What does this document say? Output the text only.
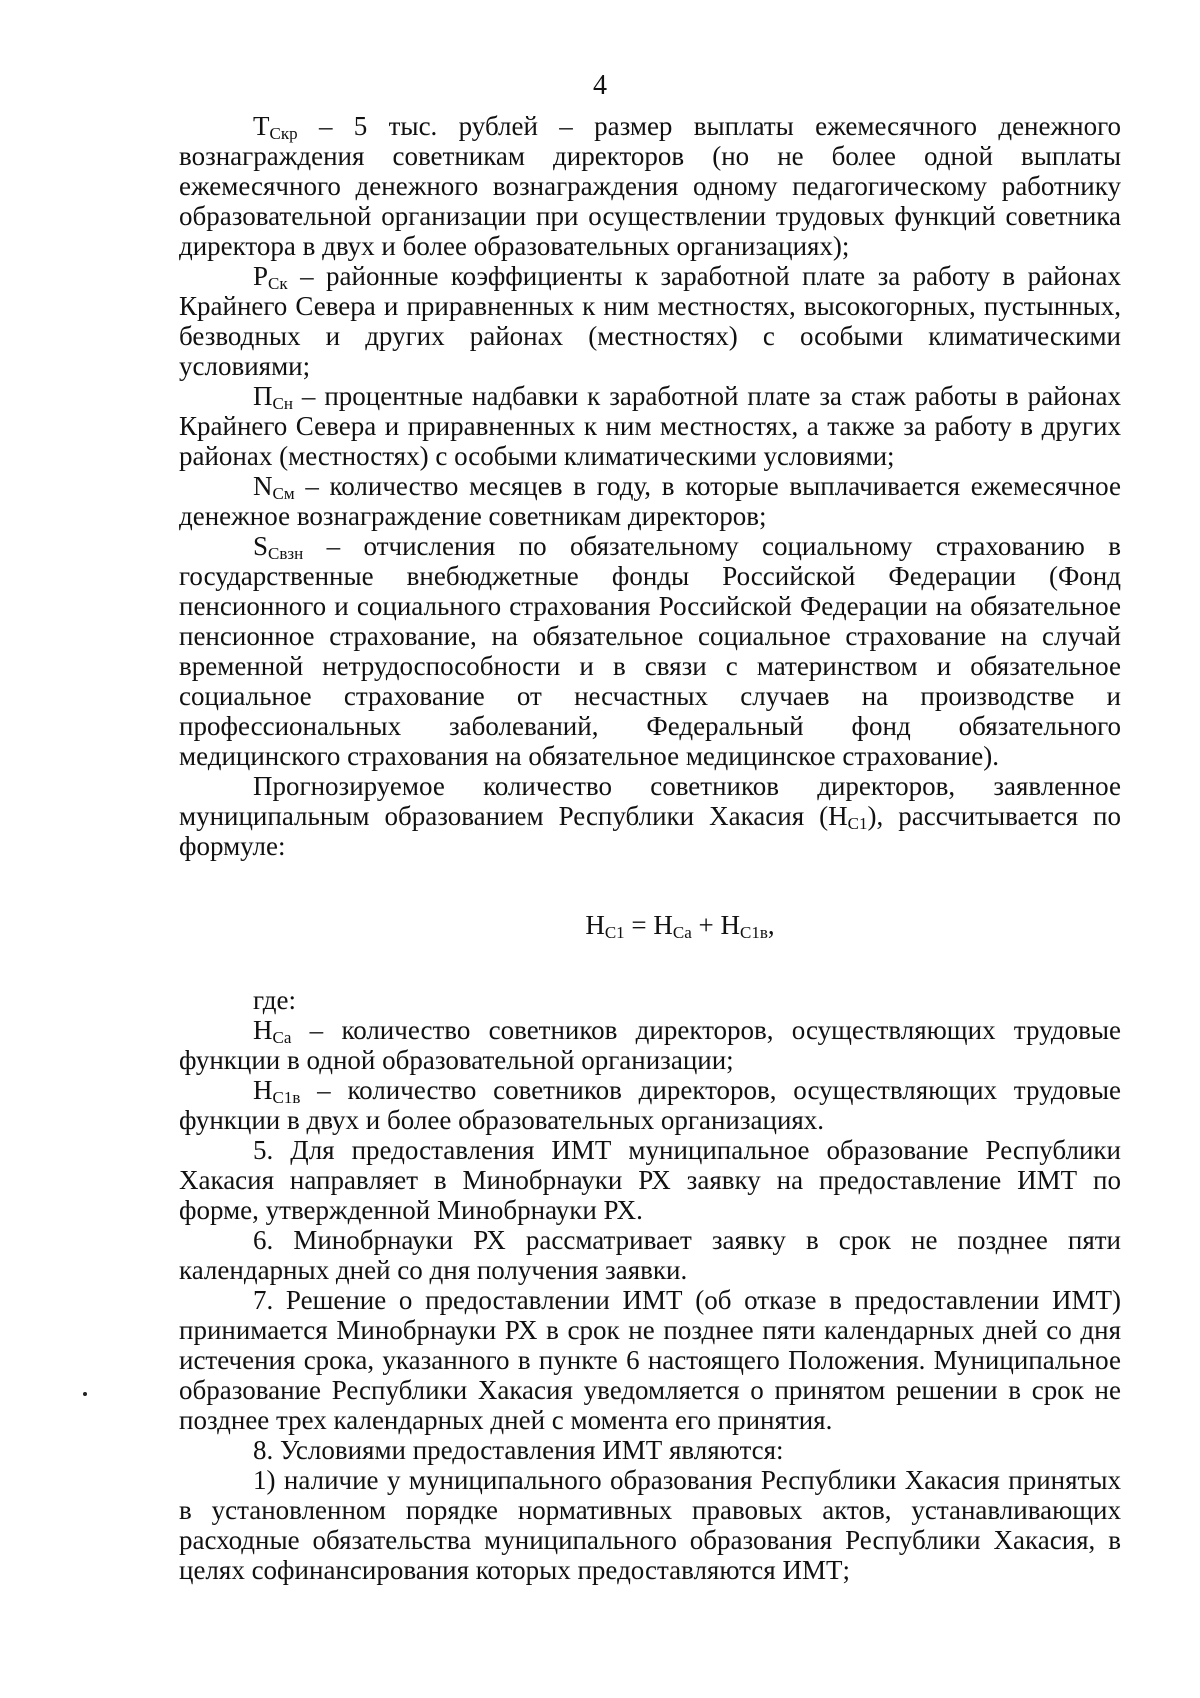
4

$T_{Скр} - 5$ тыс. рублей – размер выплаты ежемесячного денежного вознаграждения советникам директоров (но не более одной выплаты ежемесячного денежного вознаграждения одному педагогическому работнику образовательной организации при осуществлении трудовых функций советника директора в двух и более образовательных организациях);

$Р_{Ск}$ – районные коэффициенты к заработной плате за работу в районах Крайнего Севера и приравненных к ним местностях, высокогорных, пустынных, безводных и других районах (местностях) с особыми климатическими условиями;

$П_{Сн}$ – процентные надбавки к заработной плате за стаж работы в районах Крайнего Севера и приравненных к ним местностях, а также за работу в других районах (местностях) с особыми климатическими условиями;

$N_{См}$ – количество месяцев в году, в которые выплачивается ежемесячное денежное вознаграждение советникам директоров;

$S_{Свзн}$ – отчисления по обязательному социальному страхованию в государственные внебюджетные фонды Российской Федерации (Фонд пенсионного и социального страхования Российской Федерации на обязательное пенсионное страхование, на обязательное социальное страхование на случай временной нетрудоспособности и в связи с материнством и обязательное социальное страхование от несчастных случаев на производстве и профессиональных заболеваний, Федеральный фонд обязательного медицинского страхования на обязательное медицинское страхование).

Прогнозируемое количество советников директоров, заявленное муниципальным образованием Республики Хакасия $(Н_{С1})$, рассчитывается по формуле:

$Н_{С1} = Н_{Са} + Н_{С1в}$,

где:

$Н_{Са}$ – количество советников директоров, осуществляющих трудовые функции в одной образовательной организации;

$Н_{С1в}$ – количество советников директоров, осуществляющих трудовые функции в двух и более образовательных организациях.

5. Для предоставления ИМТ муниципальное образование Республики Хакасия направляет в Минобрнауки РХ заявку на предоставление ИМТ по форме, утвержденной Минобрнауки РХ.

6. Минобрнауки РХ рассматривает заявку в срок не позднее пяти календарных дней со дня получения заявки.

7. Решение о предоставлении ИМТ (об отказе в предоставлении ИМТ) принимается Минобрнауки РХ в срок не позднее пяти календарных дней со дня истечения срока, указанного в пункте 6 настоящего Положения. Муниципальное образование Республики Хакасия уведомляется о принятом решении в срок не позднее трех календарных дней с момента его принятия.

8. Условиями предоставления ИМТ являются:

1) наличие у муниципального образования Республики Хакасия принятых в установленном порядке нормативных правовых актов, устанавливающих расходные обязательства муниципального образования Республики Хакасия, в целях софинансирования которых предоставляются ИМТ;
